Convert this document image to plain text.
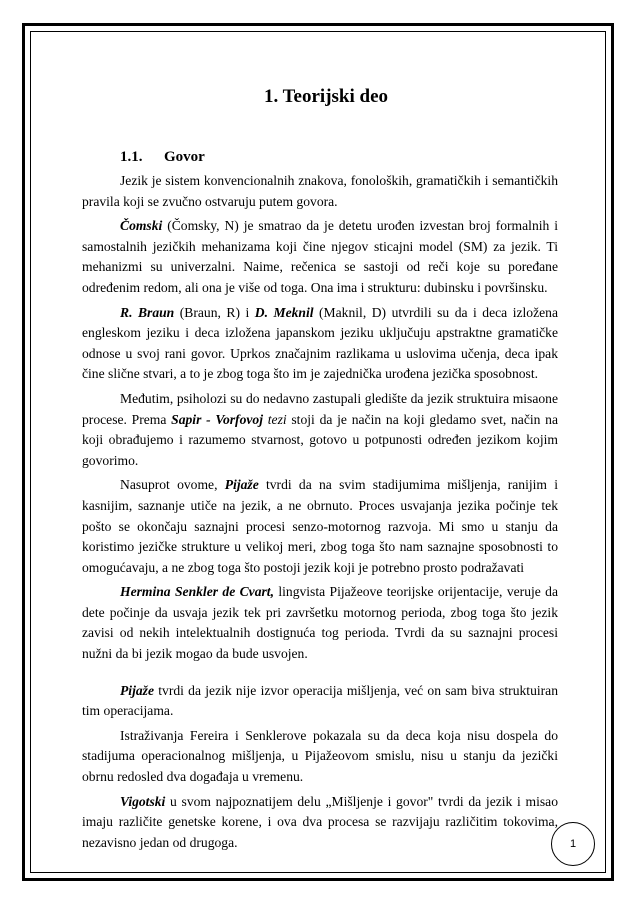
1. Teorijski deo
1.1. Govor

Jezik je sistem konvencionalnih znakova, fonoloških, gramatičkih i semantičkih pravila koji se zvučno ostvaruju putem govora.

Čomski (Čomsky, N) je smatrao da je detetu urođen izvestan broj formalnih i samostalnih jezičkih mehanizama koji čine njegov sticajni model (SM) za jezik. Ti mehanizmi su univerzalni. Naime, rečenica se sastoji od reči koje su poređane određenim redom, ali ona je više od toga. Ona ima i strukturu: dubinsku i površinsku.

R. Braun (Braun, R) i D. Meknil (Maknil, D) utvrdili su da i deca izložena engleskom jeziku i deca izložena japanskom jeziku uključuju apstraktne gramatičke odnose u svoj rani govor. Uprkos značajnim razlikama u uslovima učenja, deca ipak čine slične stvari, a to je zbog toga što im je zajednička urođena jezička sposobnost.

Međutim, psiholozi su do nedavno zastupali gledište da jezik struktuira misaone procese. Prema Sapir - Vorfovoj tezi stoji da je način na koji gledamo svet, način na koji obrađujemo i razumemo stvarnost, gotovo u potpunosti određen jezikom kojim govorimo.

Nasuprot ovome, Pijaže tvrdi da na svim stadijumima mišljenja, ranijim i kasnijim, saznanje utiče na jezik, a ne obrnuto. Proces usvajanja jezika počinje tek pošto se okončaju saznajni procesi senzo-motornog razvoja. Mi smo u stanju da koristimo jezičke strukture u velikoj meri, zbog toga što nam saznajne sposobnosti to omogućavaju, a ne zbog toga što postoji jezik koji je potrebno prosto podražavati

Hermina Senkler de Cvart, lingvista Pijažeove teorijske orijentacije, veruje da dete počinje da usvaja jezik tek pri završetku motornog perioda, zbog toga što jezik zavisi od nekih intelektualnih dostignuća tog perioda. Tvrdi da su saznajni procesi nužni da bi jezik mogao da bude usvojen.

Pijaže tvrdi da jezik nije izvor operacija mišljenja, već on sam biva struktuiran tim operacijama.

Istraživanja Fereira i Senklerove pokazala su da deca koja nisu dospela do stadijuma operacionalnog mišljenja, u Pijažeovom smislu, nisu u stanju da jezički obrnu redosled dva događaja u vremenu.

Vigotski u svom najpoznatijem delu „Mišljenje i govor" tvrdi da jezik i misao imaju različite genetske korene, i ova dva procesa se razvijaju različitim tokovima, nezavisno jedan od drugoga.	1
